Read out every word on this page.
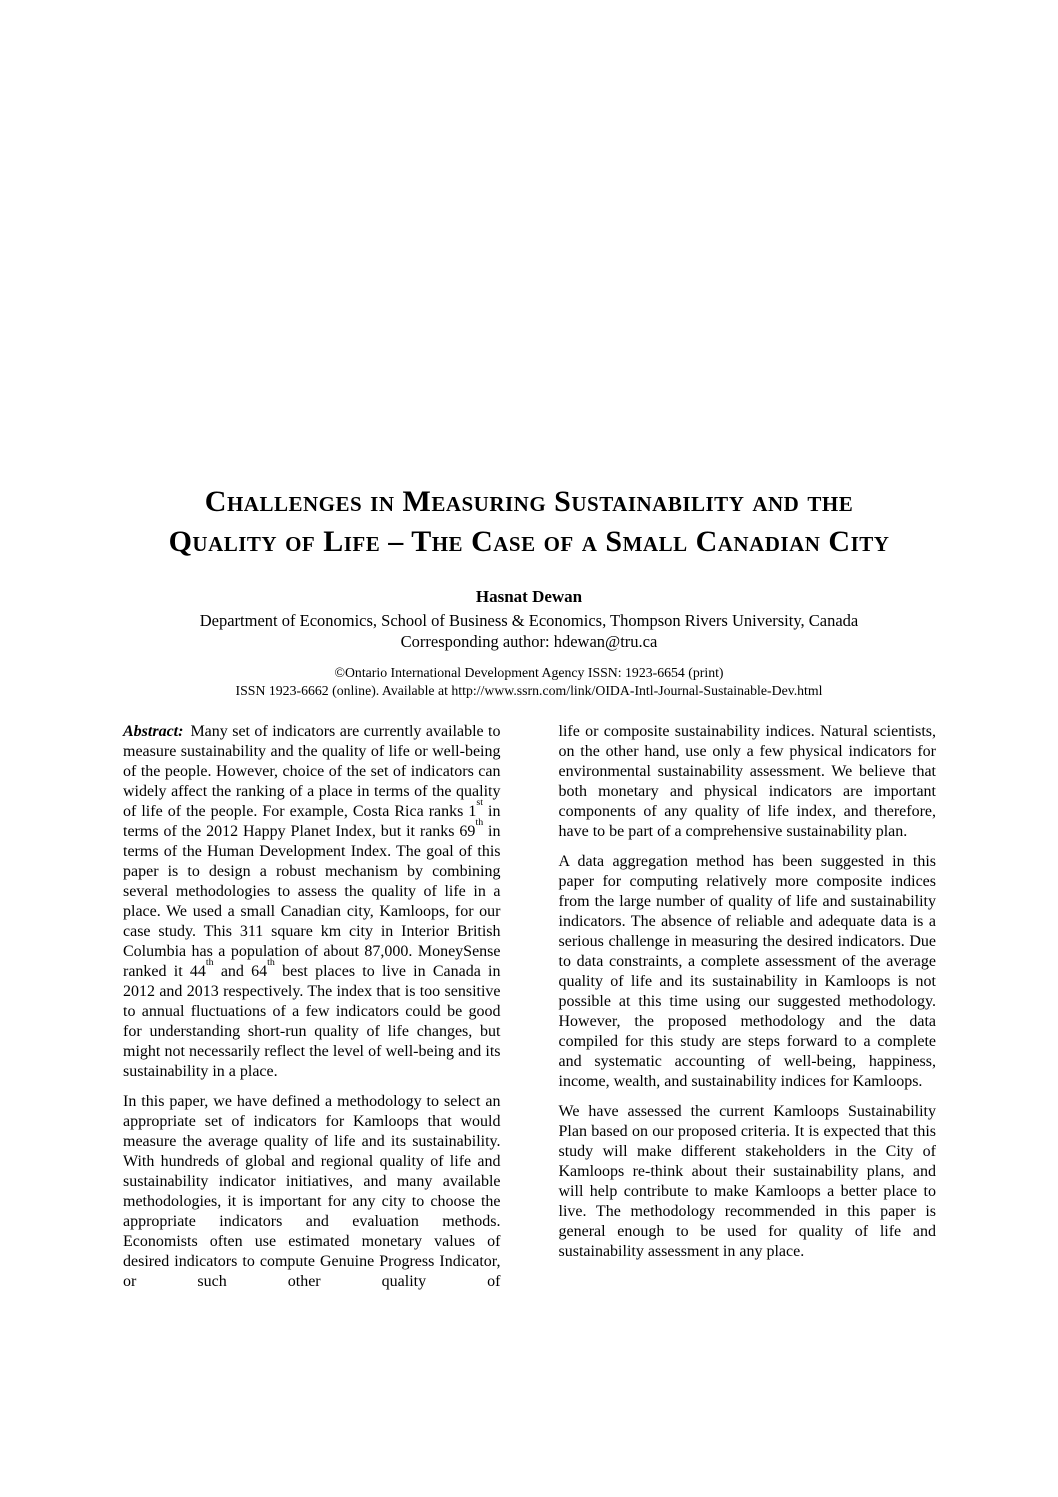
Challenges in Measuring Sustainability and the
Quality of Life – The Case of a Small Canadian City
Hasnat Dewan
Department of Economics, School of Business & Economics, Thompson Rivers University, Canada
Corresponding author: hdewan@tru.ca
©Ontario International Development Agency ISSN: 1923-6654 (print)
ISSN 1923-6662 (online). Available at http://www.ssrn.com/link/OIDA-Intl-Journal-Sustainable-Dev.html

Abstract: Many set of indicators are currently available to measure sustainability and the quality of life or well-being of the people. However, choice of the set of indicators can widely affect the ranking of a place in terms of the quality of life of the people. For example, Costa Rica ranks 1st in terms of the 2012 Happy Planet Index, but it ranks 69th in terms of the Human Development Index. The goal of this paper is to design a robust mechanism by combining several methodologies to assess the quality of life in a place. We used a small Canadian city, Kamloops, for our case study. This 311 square km city in Interior British Columbia has a population of about 87,000. MoneySense ranked it 44th and 64th best places to live in Canada in 2012 and 2013 respectively. The index that is too sensitive to annual fluctuations of a few indicators could be good for understanding short-run quality of life changes, but might not necessarily reflect the level of well-being and its sustainability in a place.

In this paper, we have defined a methodology to select an appropriate set of indicators for Kamloops that would measure the average quality of life and its sustainability. With hundreds of global and regional quality of life and sustainability indicator initiatives, and many available methodologies, it is important for any city to choose the appropriate indicators and evaluation methods. Economists often use estimated monetary values of desired indicators to compute Genuine Progress Indicator, or such other quality of

life or composite sustainability indices. Natural scientists, on the other hand, use only a few physical indicators for environmental sustainability assessment. We believe that both monetary and physical indicators are important components of any quality of life index, and therefore, have to be part of a comprehensive sustainability plan.

A data aggregation method has been suggested in this paper for computing relatively more composite indices from the large number of quality of life and sustainability indicators. The absence of reliable and adequate data is a serious challenge in measuring the desired indicators. Due to data constraints, a complete assessment of the average quality of life and its sustainability in Kamloops is not possible at this time using our suggested methodology. However, the proposed methodology and the data compiled for this study are steps forward to a complete and systematic accounting of well-being, happiness, income, wealth, and sustainability indices for Kamloops.

We have assessed the current Kamloops Sustainability Plan based on our proposed criteria. It is expected that this study will make different stakeholders in the City of Kamloops re-think about their sustainability plans, and will help contribute to make Kamloops a better place to live. The methodology recommended in this paper is general enough to be used for quality of life and sustainability assessment in any place.
